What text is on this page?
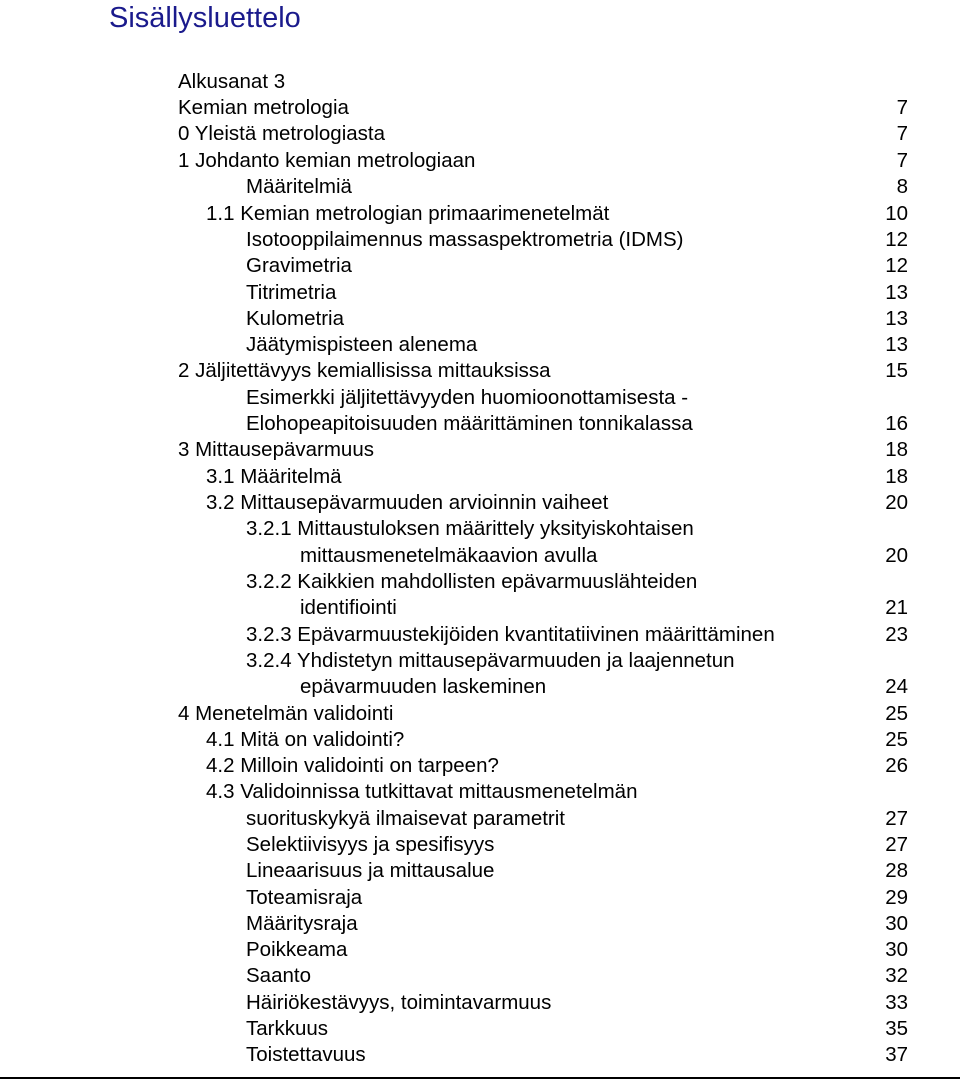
Sisällysluettelo
Alkusanat 3
Kemian metrologia	7
0 Yleistä metrologiasta	7
1 Johdanto kemian metrologiaan	7
Määritelmiä	8
1.1 Kemian metrologian primaarimenetelmät	10
Isotooppilaimennus massaspektrometria (IDMS)	12
Gravimetria	12
Titrimetria	13
Kulometria	13
Jäätymispisteen alenema	13
2 Jäljitettävyys kemiallisissa mittauksissa	15
Esimerkki jäljitettävyyden huomioonottamisesta -
Elohopeapitoisuuden määrittäminen tonnikalassa	16
3 Mittausepävarmuus	18
3.1 Määritelmä	18
3.2 Mittausepävarmuuden arvioinnin vaiheet	20
3.2.1 Mittaustuloksen määrittely yksityiskohtaisen
mittausmenetelmäkaavion avulla	20
3.2.2 Kaikkien mahdollisten epävarmuuslähteiden
identifiointi	21
3.2.3 Epävarmuustekijöiden kvantitatiivinen määrittäminen	23
3.2.4 Yhdistetyn mittausepävarmuuden ja laajennetun
epävarmuuden laskeminen	24
4 Menetelmän validointi	25
4.1 Mitä on validointi?	25
4.2 Milloin validointi on tarpeen?	26
4.3 Validoinnissa tutkittavat mittausmenetelmän
suorituskykyä ilmaisevat parametrit	27
Selektiivisyys ja spesifisyys	27
Lineaarisuus ja mittausalue	28
Toteamisraja	29
Määritysraja	30
Poikkeama	30
Saanto	32
Häiriökestävyys, toimintavarmuus	33
Tarkkuus	35
Toistettavuus	37
